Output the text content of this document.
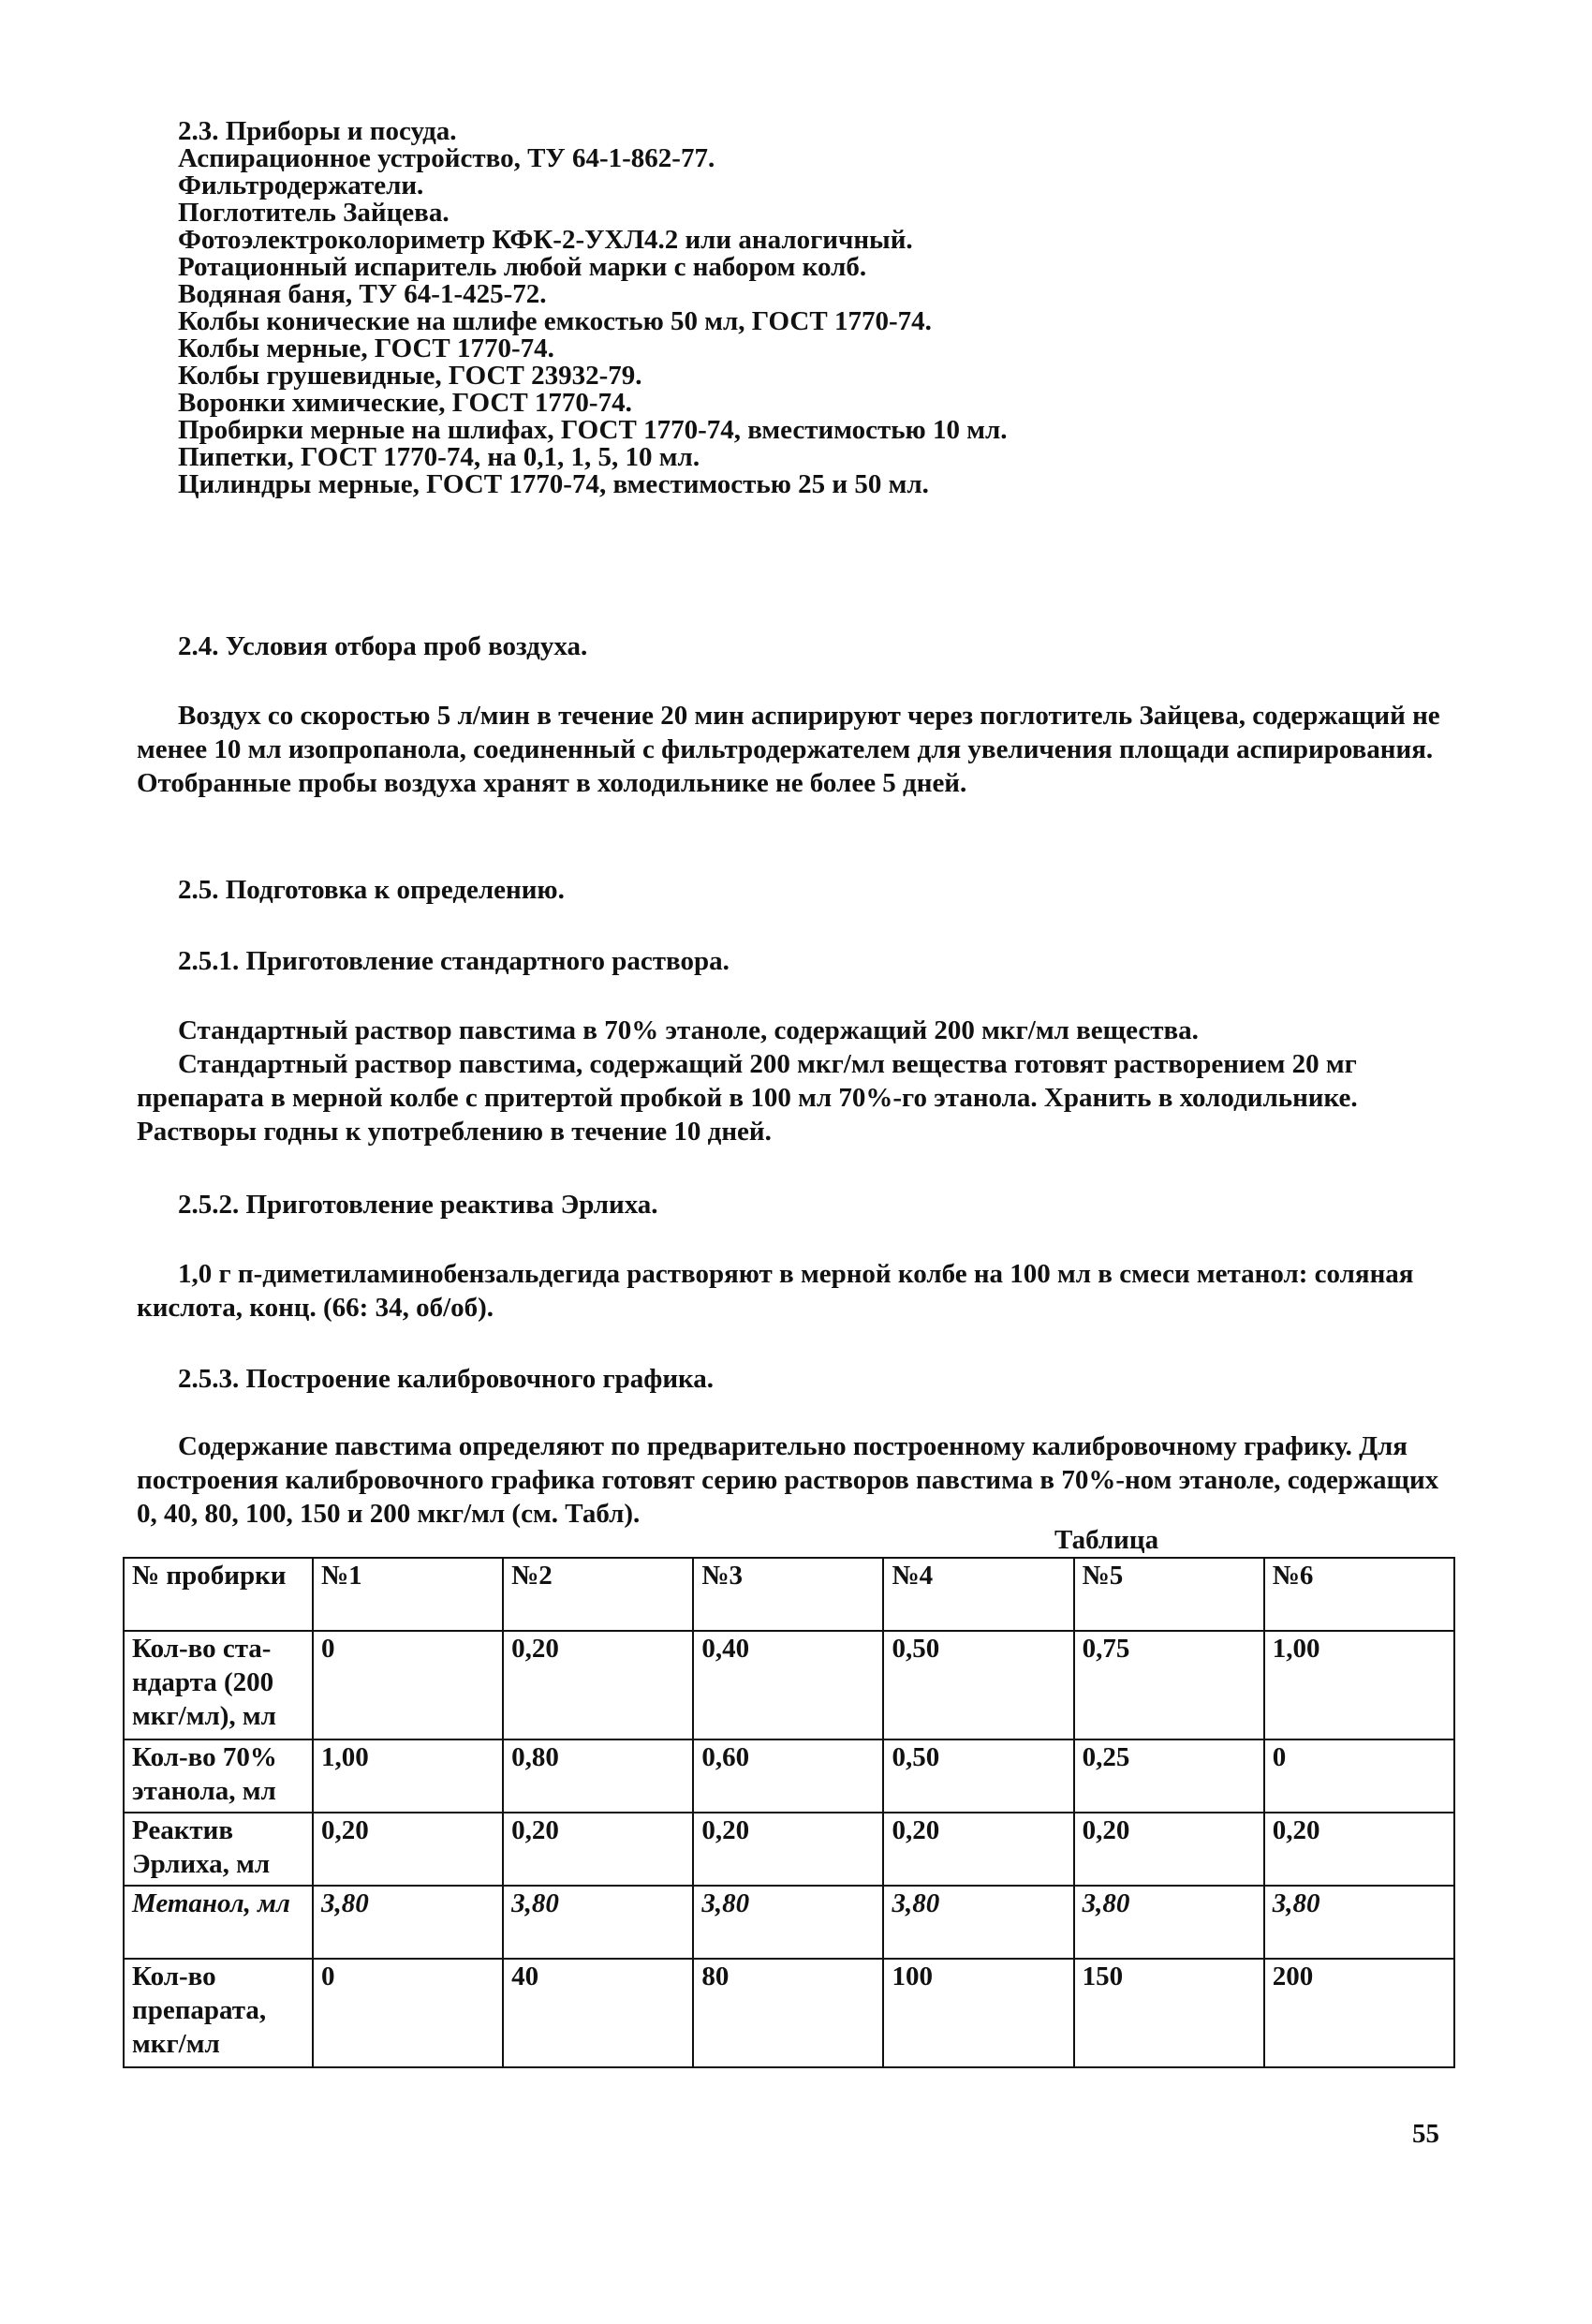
2.3. Приборы и посуда.

Аспирационное устройство, ТУ 64-1-862-77.

Фильтродержатели.

Поглотитель Зайцева.

Фотоэлектроколориметр КФК-2-УХЛ4.2 или аналогичный.

Ротационный испаритель любой марки с набором колб.

Водяная баня, ТУ 64-1-425-72.

Колбы конические на шлифе емкостью 50 мл, ГОСТ 1770-74.

Колбы мерные, ГОСТ 1770-74.

Колбы грушевидные, ГОСТ 23932-79.

Воронки химические, ГОСТ 1770-74.

Пробирки мерные на шлифах, ГОСТ 1770-74, вместимостью 10 мл.

Пипетки, ГОСТ 1770-74, на 0,1, 1, 5, 10 мл.

Цилиндры мерные, ГОСТ 1770-74, вместимостью 25 и 50 мл.

2.4. Условия отбора проб воздуха.

Воздух со скоростью 5 л/мин в течение 20 мин аспирируют через поглотитель Зайцева, содержащий не менее 10 мл изопропанола, соединенный с фильтродержателем для увеличения площади аспирирования. Отобранные пробы воздуха хранят в холодильнике не более 5 дней.

2.5. Подготовка к определению.

2.5.1. Приготовление стандартного раствора.

Стандартный раствор павстима в 70% этаноле, содержащий 200 мкг/мл вещества.

Стандартный раствор павстима, содержащий 200 мкг/мл вещества готовят растворением 20 мг препарата в мерной колбе с притертой пробкой в 100 мл 70%-го этанола. Хранить в холодильнике. Растворы годны к употреблению в течение 10 дней.

2.5.2. Приготовление реактива Эрлиха.

1,0 г п-диметиламинобензальдегида растворяют в мерной колбе на 100 мл в смеси метанол: соляная кислота, конц. (66: 34, об/об).

2.5.3. Построение калибровочного графика.

Содержание павстима определяют по предварительно построенному калибровочному графику. Для построения калибровочного графика готовят серию растворов павстима в 70%-ном этаноле, содержащих 0, 40, 80, 100, 150 и 200 мкг/мл (см. Табл).

Таблица
№ пробирки	№1	№2	№3	№4	№5	№6
Кол-во ста-ндарта (200 мкг/мл), мл	0	0,20	0,40	0,50	0,75	1,00
Кол-во 70% этанола, мл	1,00	0,80	0,60	0,50	0,25	0
Реактив Эрлиха, мл	0,20	0,20	0,20	0,20	0,20	0,20
Метанол, мл	3,80	3,80	3,80	3,80	3,80	3,80
Кол-во препарата, мкг/мл	0	40	80	100	150	200
55
